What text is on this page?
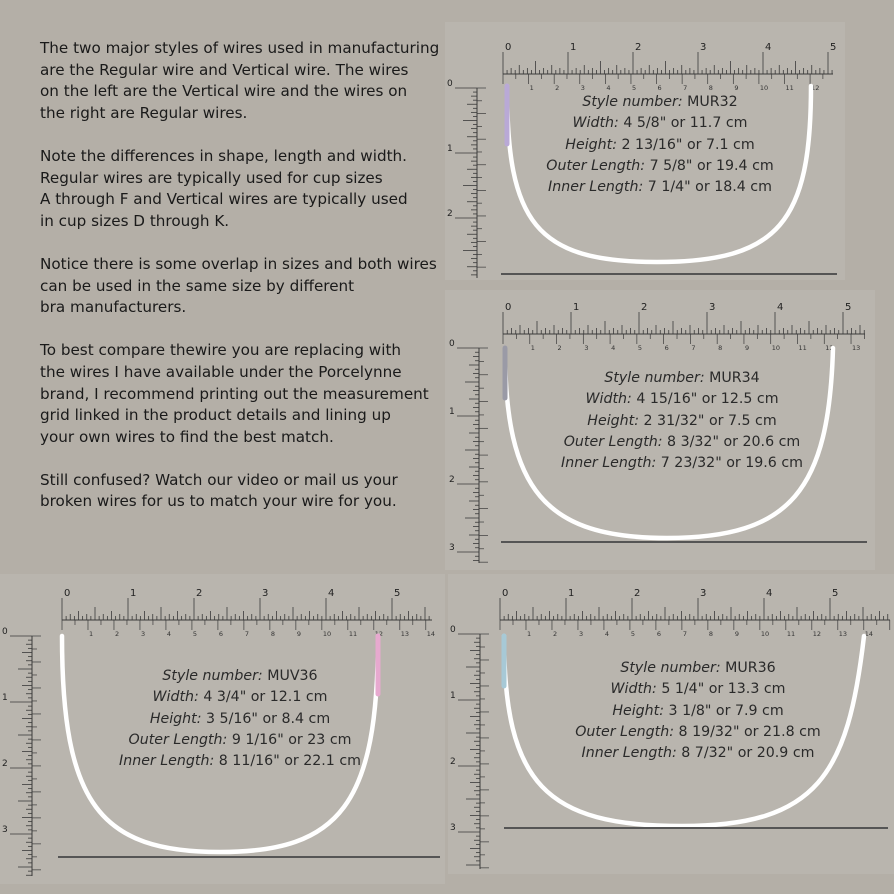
The two major styles of wires used in manufacturing
are the Regular wire and Vertical wire. The wires
on the left are the Vertical wire and the wires on
the right are Regular wires.

Note the differences in shape, length and width.
Regular wires are typically used for cup sizes
A through F and Vertical wires are typically used
in cup sizes D through K.

Notice there is some overlap in sizes and both wires
can be used in the same size by different
bra manufacturers.

To best compare thewire you are replacing with
the wires I have available under the Porcelynne
brand, I recommend printing out the measurement
grid linked in the product details and lining up
your own wires to find the best match.

Still confused? Watch our video or mail us your
broken wires for us to match your wire for you.

0	1	2	3	4	5
1	2	3	4	5	6	7	8	9	10	11	12
0
1
2
Style number: MUR32
Width: 4 5/8" or 11.7 cm
Height: 2 13/16" or 7.1 cm
Outer Length: 7 5/8" or 19.4 cm
Inner Length: 7 1/4" or 18.4 cm
0	1	2	3	4	5
1	2	3	4	5	6	7	8	9	10	11	12	13
0
1
2
3
Style number: MUR34
Width: 4 15/16" or 12.5 cm
Height: 2 31/32" or 7.5 cm
Outer Length: 8 3/32" or 20.6 cm
Inner Length: 7 23/32" or 19.6 cm
0	1	2	3	4	5
1	2	3	4	5	6	7	8	9	10	11	12	13	14
0
1
2
3
Style number: MUV36
Width: 4 3/4" or 12.1 cm
Height: 3 5/16" or 8.4 cm
Outer Length: 9 1/16" or 23 cm
Inner Length: 8 11/16" or 22.1 cm
0	1	2	3	4	5
1	2	3	4	5	6	7	8	9	10	11	12	13	14
0
1
2
3
Style number: MUR36
Width: 5 1/4" or 13.3 cm
Height: 3 1/8" or 7.9 cm
Outer Length: 8 19/32" or 21.8 cm
Inner Length: 8 7/32" or 20.9 cm
